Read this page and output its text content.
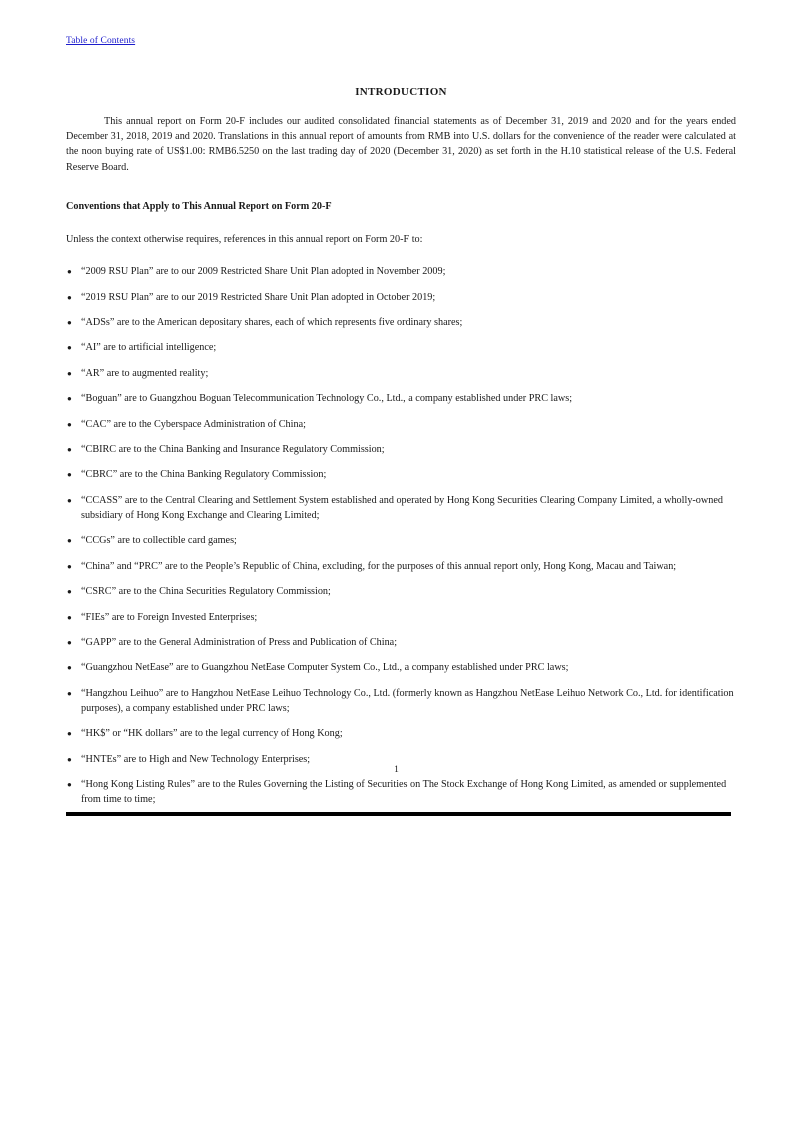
Table of Contents
INTRODUCTION

This annual report on Form 20-F includes our audited consolidated financial statements as of December 31, 2019 and 2020 and for the years ended December 31, 2018, 2019 and 2020. Translations in this annual report of amounts from RMB into U.S. dollars for the convenience of the reader were calculated at the noon buying rate of US$1.00: RMB6.5250 on the last trading day of 2020 (December 31, 2020) as set forth in the H.10 statistical release of the U.S. Federal Reserve Board.

Conventions that Apply to This Annual Report on Form 20-F

Unless the context otherwise requires, references in this annual report on Form 20-F to:

● “2009 RSU Plan” are to our 2009 Restricted Share Unit Plan adopted in November 2009;
● “2019 RSU Plan” are to our 2019 Restricted Share Unit Plan adopted in October 2019;
● “ADSs” are to the American depositary shares, each of which represents five ordinary shares;
● “AI” are to artificial intelligence;
● “AR” are to augmented reality;
● “Boguan” are to Guangzhou Boguan Telecommunication Technology Co., Ltd., a company established under PRC laws;
● “CAC” are to the Cyberspace Administration of China;
● “CBIRC are to the China Banking and Insurance Regulatory Commission;
● “CBRC” are to the China Banking Regulatory Commission;
● “CCASS” are to the Central Clearing and Settlement System established and operated by Hong Kong Securities Clearing Company Limited, a wholly-owned subsidiary of Hong Kong Exchange and Clearing Limited;
● “CCGs” are to collectible card games;
● “China” and “PRC” are to the People’s Republic of China, excluding, for the purposes of this annual report only, Hong Kong, Macau and Taiwan;
● “CSRC” are to the China Securities Regulatory Commission;
● “FIEs” are to Foreign Invested Enterprises;
● “GAPP” are to the General Administration of Press and Publication of China;
● “Guangzhou NetEase” are to Guangzhou NetEase Computer System Co., Ltd., a company established under PRC laws;
● “Hangzhou Leihuo” are to Hangzhou NetEase Leihuo Technology Co., Ltd. (formerly known as Hangzhou NetEase Leihuo Network Co., Ltd. for identification purposes), a company established under PRC laws;
● “HK$” or “HK dollars” are to the legal currency of Hong Kong;
● “HNTEs” are to High and New Technology Enterprises;
● “Hong Kong Listing Rules” are to the Rules Governing the Listing of Securities on The Stock Exchange of Hong Kong Limited, as amended or supplemented from time to time;
1
